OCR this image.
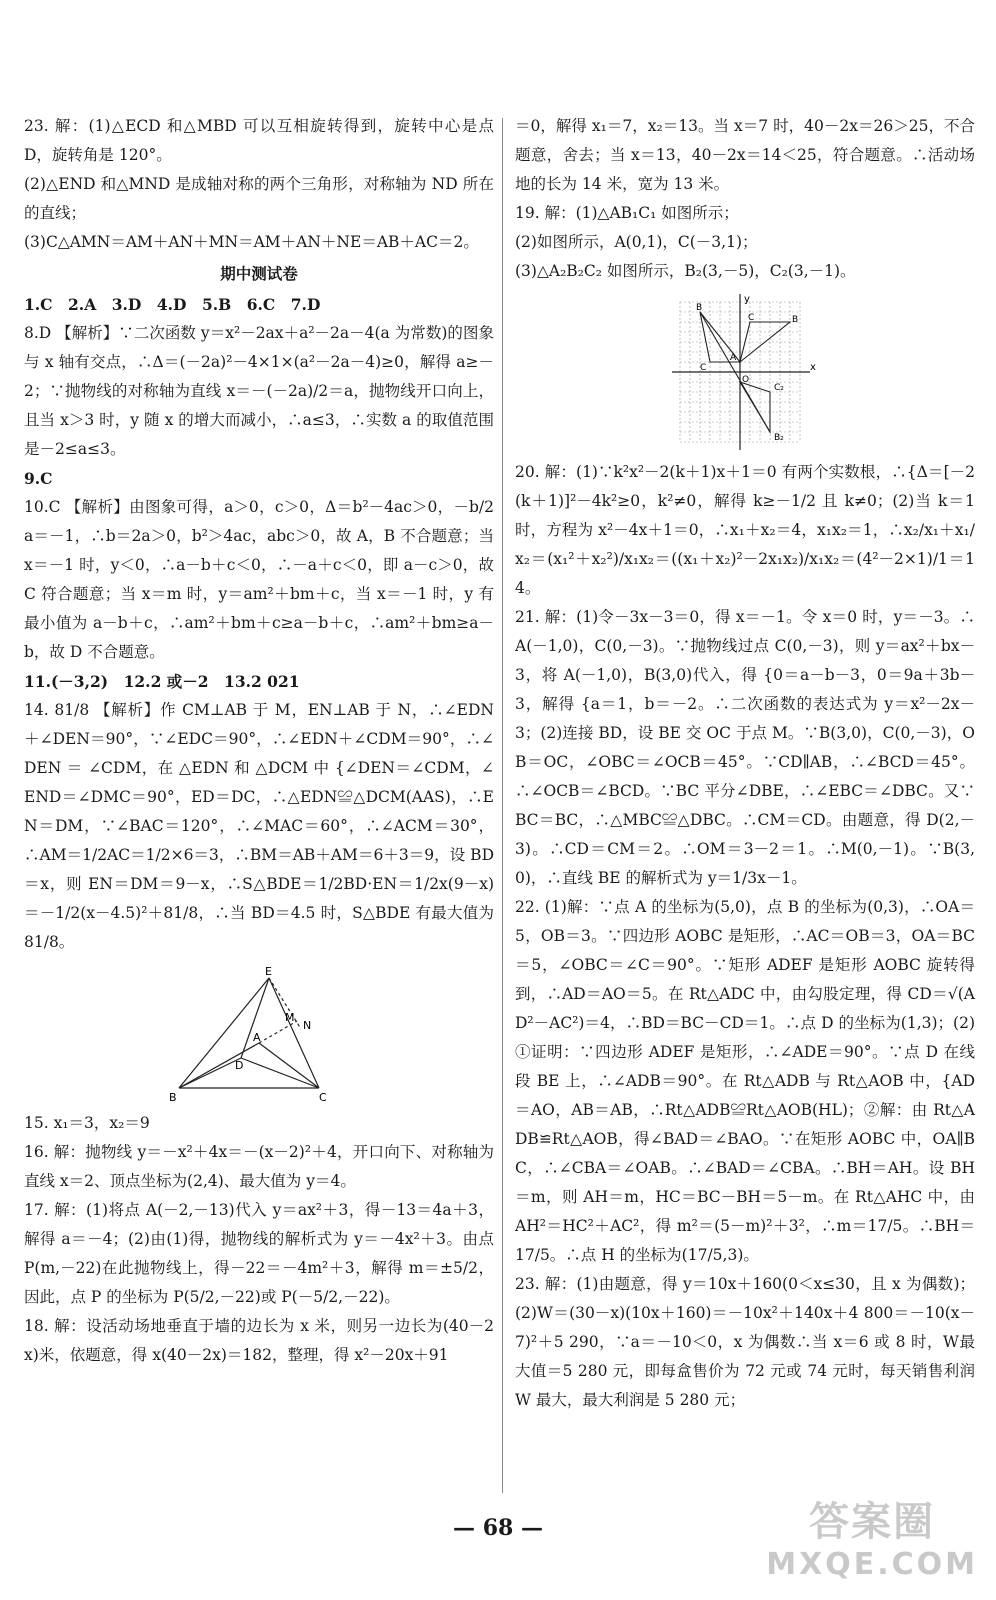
23. 解：(1)△ECD 和△MBD 可以互相旋转得到，旋转中心是点 D，旋转角是 120°。

(2)△END 和△MND 是成轴对称的两个三角形，对称轴为 ND 所在的直线；

(3)C△AMN＝AM＋AN＋MN＝AM＋AN＋NE＝AB＋AC＝2。

期中测试卷

1.C　2.A　3.D　4.D　5.B　6.C　7.D

8.D 【解析】∵二次函数 y＝x²－2ax＋a²－2a－4(a 为常数)的图象与 x 轴有交点，∴Δ＝(－2a)²－4×1×(a²－2a－4)≥0，解得 a≥－2；∵抛物线的对称轴为直线 x＝－(－2a)/2＝a，抛物线开口向上，且当 x＞3 时，y 随 x 的增大而减小，∴a≤3，∴实数 a 的取值范围是－2≤a≤3。

9.C

10.C 【解析】由图象可得，a＞0，c＞0，Δ＝b²－4ac＞0，－b/2a＝－1，∴b＝2a＞0，b²＞4ac，abc＞0，故 A，B 不合题意；当 x＝－1 时，y＜0，∴a－b＋c＜0，∴－a＋c＜0，即 a－c＞0，故 C 符合题意；当 x＝m 时，y＝am²＋bm＋c，当 x＝－1 时，y 有最小值为 a－b＋c，∴am²＋bm＋c≥a－b＋c，∴am²＋bm≥a－b，故 D 不合题意。

11.(－3,2)　12.2 或－2　13.2 021

14. 81/8 【解析】作 CM⊥AB 于 M，EN⊥AB 于 N，∴∠EDN＋∠DEN＝90°，∵∠EDC＝90°，∴∠EDN＋∠CDM＝90°，∴∠DEN ＝ ∠CDM，在 △EDN 和 △DCM 中 {∠DEN＝∠CDM，∠END＝∠DMC＝90°，ED＝DC，∴△EDN≌△DCM(AAS)，∴EN＝DM，∵∠BAC＝120°，∴∠MAC＝60°，∴∠ACM＝30°，∴AM＝1/2AC＝1/2×6＝3，∴BM＝AB＋AM＝6＋3＝9，设 BD＝x，则 EN＝DM＝9－x，∴S△BDE＝1/2BD·EN＝1/2x(9－x)＝－1/2(x－4.5)²＋81/8，∴当 BD＝4.5 时，S△BDE 有最大值为 81/8。

E
M
N
A
D
B	C

15. x₁＝3，x₂＝9

16. 解：抛物线 y＝－x²＋4x＝－(x－2)²＋4，开口向下、对称轴为直线 x＝2、顶点坐标为(2,4)、最大值为 y＝4。

17. 解：(1)将点 A(－2,－13)代入 y＝ax²＋3，得－13＝4a＋3，解得 a＝－4；(2)由(1)得，抛物线的解析式为 y＝－4x²＋3。由点 P(m,－22)在此抛物线上，得－22＝－4m²＋3，解得 m＝±5/2，因此，点 P 的坐标为 P(5/2,－22)或 P(－5/2,－22)。

18. 解：设活动场地垂直于墙的边长为 x 米，则另一边长为(40－2x)米，依题意，得 x(40－2x)＝182，整理，得 x²－20x＋91

＝0，解得 x₁＝7，x₂＝13。当 x＝7 时，40－2x＝26＞25，不合题意，舍去；当 x＝13，40－2x＝14＜25，符合题意。∴活动场地的长为 14 米，宽为 13 米。

19. 解：(1)△AB₁C₁ 如图所示；

(2)如图所示，A(0,1)，C(－3,1)；

(3)△A₂B₂C₂ 如图所示，B₂(3,－5)，C₂(3,－1)。

y
x
O
B
C
B
C
A
C₂
B₂

20. 解：(1)∵k²x²－2(k＋1)x＋1＝0 有两个实数根，∴{Δ＝[－2(k＋1)]²－4k²≥0，k²≠0，解得 k≥－1/2 且 k≠0；(2)当 k＝1 时，方程为 x²－4x＋1＝0，∴x₁＋x₂＝4，x₁x₂＝1，∴x₂/x₁＋x₁/x₂＝(x₁²＋x₂²)/x₁x₂＝((x₁＋x₂)²－2x₁x₂)/x₁x₂＝(4²－2×1)/1＝14。

21. 解：(1)令－3x－3＝0，得 x＝－1。令 x＝0 时，y＝－3。∴A(－1,0)，C(0,－3)。∵抛物线过点 C(0,－3)，则 y＝ax²＋bx－3，将 A(－1,0)，B(3,0)代入，得 {0＝a－b－3，0＝9a＋3b－3，解得 {a＝1，b＝－2。∴二次函数的表达式为 y＝x²－2x－3；(2)连接 BD，设 BE 交 OC 于点 M。∵B(3,0)，C(0,－3)，OB＝OC，∠OBC＝∠OCB＝45°。∵CD∥AB，∴∠BCD＝45°。∴∠OCB＝∠BCD。∵BC 平分∠DBE，∴∠EBC＝∠DBC。又∵BC＝BC，∴△MBC≌△DBC。∴CM＝CD。由题意，得 D(2,－3)。∴CD＝CM＝2。∴OM＝3－2＝1。∴M(0,－1)。∵B(3,0)，∴直线 BE 的解析式为 y＝1/3x－1。

22. (1)解：∵点 A 的坐标为(5,0)，点 B 的坐标为(0,3)，∴OA＝5，OB＝3。∵四边形 AOBC 是矩形，∴AC＝OB＝3，OA＝BC＝5，∠OBC＝∠C＝90°。∵矩形 ADEF 是矩形 AOBC 旋转得到，∴AD＝AO＝5。在 Rt△ADC 中，由勾股定理，得 CD＝√(AD²－AC²)＝4，∴BD＝BC－CD＝1。∴点 D 的坐标为(1,3)；(2)①证明：∵四边形 ADEF 是矩形，∴∠ADE＝90°。∵点 D 在线段 BE 上，∴∠ADB＝90°。在 Rt△ADB 与 Rt△AOB 中，{AD＝AO，AB＝AB，∴Rt△ADB≌Rt△AOB(HL)；②解：由 Rt△ADB≌Rt△AOB，得∠BAD＝∠BAO。∵在矩形 AOBC 中，OA∥BC，∴∠CBA＝∠OAB。∴∠BAD＝∠CBA。∴BH＝AH。设 BH＝m，则 AH＝m，HC＝BC－BH＝5－m。在 Rt△AHC 中，由 AH²＝HC²＋AC²，得 m²＝(5－m)²＋3²，∴m＝17/5。∴BH＝17/5。∴点 H 的坐标为(17/5,3)。

23. 解：(1)由题意，得 y＝10x＋160(0＜x≤30，且 x 为偶数)；(2)W＝(30－x)(10x＋160)＝－10x²＋140x＋4 800＝－10(x－7)²＋5 290，∵a＝－10＜0，x 为偶数∴当 x＝6 或 8 时，W最大值＝5 280 元，即每盒售价为 72 元或 74 元时，每天销售利润 W 最大，最大利润是 5 280 元；

— 68 —	答案圈
MXQE.COM
